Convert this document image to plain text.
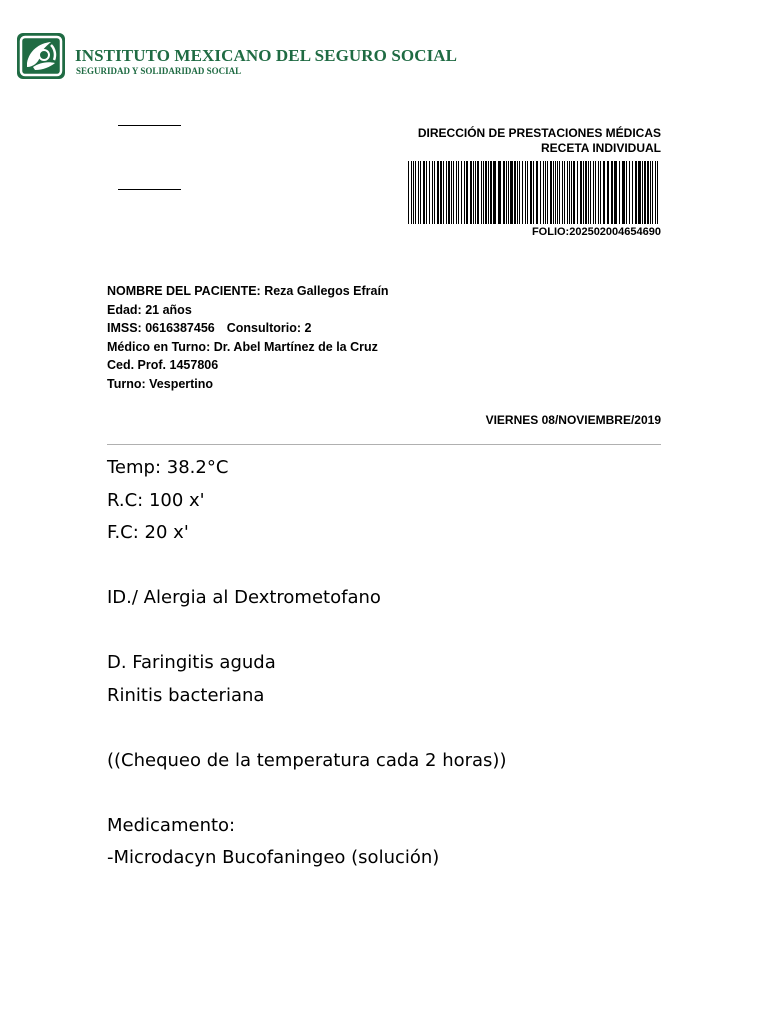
INSTITUTO MEXICANO DEL SEGURO SOCIAL
SEGURIDAD Y SOLIDARIDAD SOCIAL
DIRECCIÓN DE PRESTACIONES MÉDICAS
RECETA INDIVIDUAL
FOLIO:202502004654690
NOMBRE DEL PACIENTE: Reza Gallegos Efraín
Edad: 21 años
IMSS: 0616387456 Consultorio: 2
Médico en Turno: Dr. Abel Martínez de la Cruz
Ced. Prof. 1457806
Turno: Vespertino
VIERNES 08/NOVIEMBRE/2019
Temp: 38.2°C
R.C: 100 x'
F.C: 20 x'
ID./ Alergia al Dextrometofano
D. Faringitis aguda
Rinitis bacteriana
((Chequeo de la temperatura cada 2 horas))
Medicamento:
-Microdacyn Bucofaningeo (solución)
